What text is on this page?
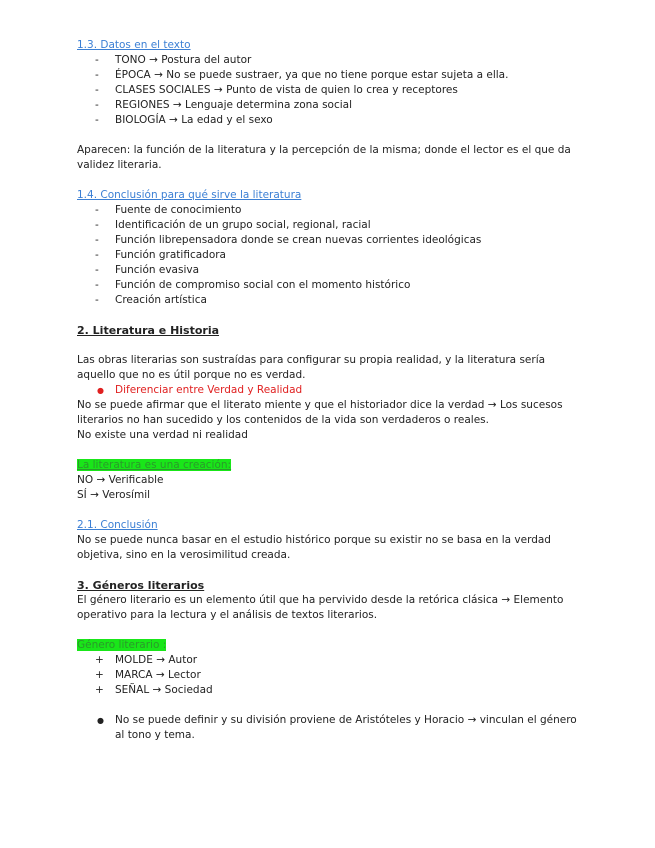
1.3. Datos en el texto
- TONO → Postura del autor
- ÉPOCA → No se puede sustraer, ya que no tiene porque estar sujeta a ella.
- CLASES SOCIALES → Punto de vista de quien lo crea y receptores
- REGIONES → Lenguaje determina zona social
- BIOLOGÍA → La edad y el sexo

Aparecen: la función de la literatura y la percepción de la misma; donde el lector es el que da validez literaria.

1.4. Conclusión para qué sirve la literatura
- Fuente de conocimiento
- Identificación de un grupo social, regional, racial
- Función librepensadora donde se crean nuevas corrientes ideológicas
- Función gratificadora
- Función evasiva
- Función de compromiso social con el momento histórico
- Creación artística
2. Literatura e Historia

Las obras literarias son sustraídas para configurar su propia realidad, y la literatura sería aquello que no es útil porque no es verdad.

● Diferenciar entre Verdad y Realidad

No se puede afirmar que el literato miente y que el historiador dice la verdad → Los sucesos literarios no han sucedido y los contenidos de la vida son verdaderos o reales.

No existe una verdad ni realidad

La literatura es una creación:

NO → Verificable

SÍ → Verosímil

2.1. Conclusión

No se puede nunca basar en el estudio histórico porque su existir no se basa en la verdad objetiva, sino en la verosimilitud creada.

3. Géneros literarios

El género literario es un elemento útil que ha pervivido desde la retórica clásica → Elemento operativo para la lectura y el análisis de textos literarios.

Género literario :
+ MOLDE → Autor
+ MARCA → Lector
+ SEÑAL → Sociedad
● No se puede definir y su división proviene de Aristóteles y Horacio → vinculan el género al tono y tema.
